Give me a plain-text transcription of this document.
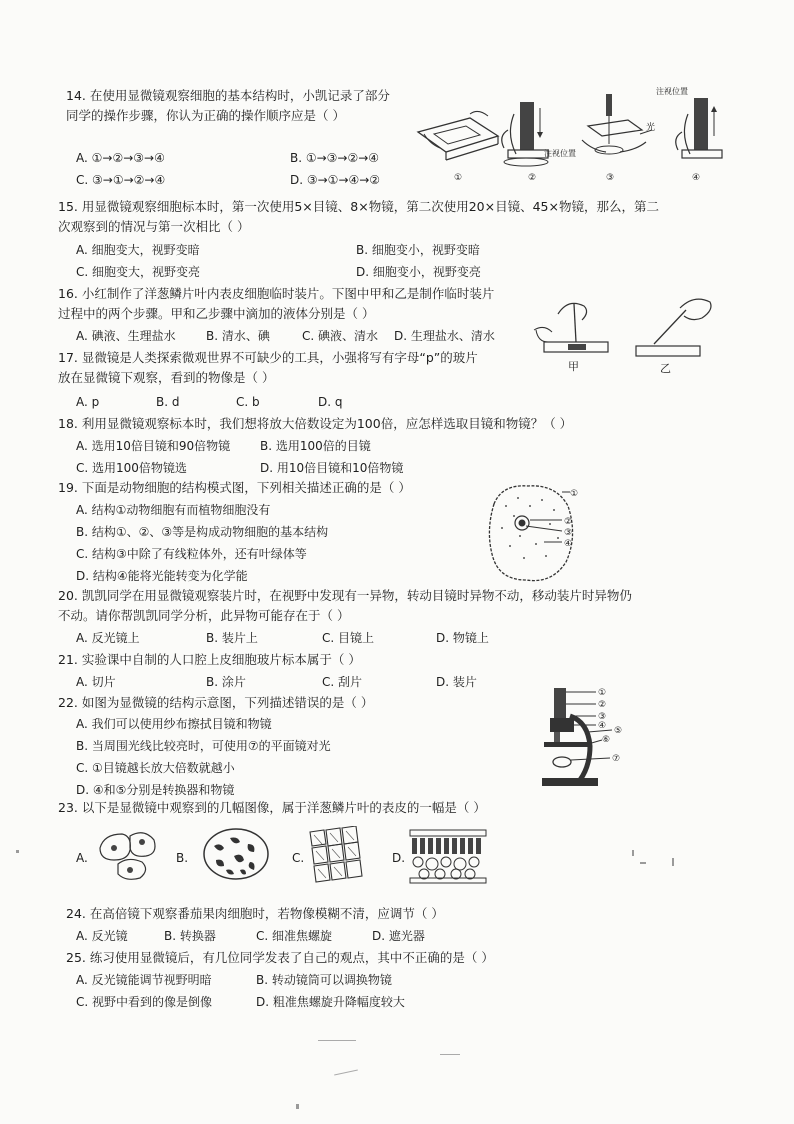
14. 在使用显微镜观察细胞的基本结构时，小凯记录了部分
同学的操作步骤，你认为正确的操作顺序应是（ ）
A. ①→②→③→④	B. ①→③→②→④
C. ③→①→②→④	D. ③→①→④→②	①	②	③	④
注视位置
注视位置
光
15. 用显微镜观察细胞标本时，第一次使用5×目镜、8×物镜，第二次使用20×目镜、45×物镜，那么，第二
次观察到的情况与第一次相比（ ）
A. 细胞变大，视野变暗	B. 细胞变小，视野变暗
C. 细胞变大，视野变亮	D. 细胞变小，视野变亮
16. 小红制作了洋葱鳞片叶内表皮细胞临时装片。下图中甲和乙是制作临时装片
过程中的两个步骤。甲和乙步骤中滴加的液体分别是（ ）
A. 碘液、生理盐水	B. 清水、碘	C. 碘液、清水 D. 生理盐水、清水
甲	乙
17. 显微镜是人类探索微观世界不可缺少的工具，小强将写有字母“p”的玻片
放在显微镜下观察，看到的物像是（ ）
A. p	B. d	C. b	D. q
18. 利用显微镜观察标本时，我们想将放大倍数设定为100倍，应怎样选取目镜和物镜？（ ）
A. 选用10倍目镜和90倍物镜 B. 选用100倍的目镜
C. 选用100倍物镜选	D. 用10倍目镜和10倍物镜
19. 下面是动物细胞的结构模式图，下列相关描述正确的是（ ）
A. 结构①动物细胞有而植物细胞没有
B. 结构①、②、③等是构成动物细胞的基本结构
C. 结构③中除了有线粒体外，还有叶绿体等
D. 结构④能将光能转变为化学能
①
②
③
④
20. 凯凯同学在用显微镜观察装片时，在视野中发现有一异物，转动目镜时异物不动，移动装片时异物仍
不动。请你帮凯凯同学分析，此异物可能存在于（ ）
A. 反光镜上	B. 装片上	C. 目镜上	D. 物镜上
21. 实验课中自制的人口腔上皮细胞玻片标本属于（ ）
A. 切片	B. 涂片	C. 刮片	D. 装片
22. 如图为显微镜的结构示意图，下列描述错误的是（ ）
A. 我们可以使用纱布擦拭目镜和物镜
B. 当周围光线比较亮时，可使用⑦的平面镜对光
C. ①目镜越长放大倍数就越小
D. ④和⑤分别是转换器和物镜
①
②
③
④ ⑤
⑥
⑦
23. 以下是显微镜中观察到的几幅图像，属于洋葱鳞片叶的表皮的一幅是（ ）
A.	B.	C.	D.
24. 在高倍镜下观察番茄果肉细胞时，若物像模糊不清，应调节（ ）
A. 反光镜	B. 转换器	C. 细准焦螺旋	D. 遮光器
25. 练习使用显微镜后，有几位同学发表了自己的观点，其中不正确的是（ ）
A. 反光镜能调节视野明暗	B. 转动镜筒可以调换物镜
C. 视野中看到的像是倒像	D. 粗准焦螺旋升降幅度较大
